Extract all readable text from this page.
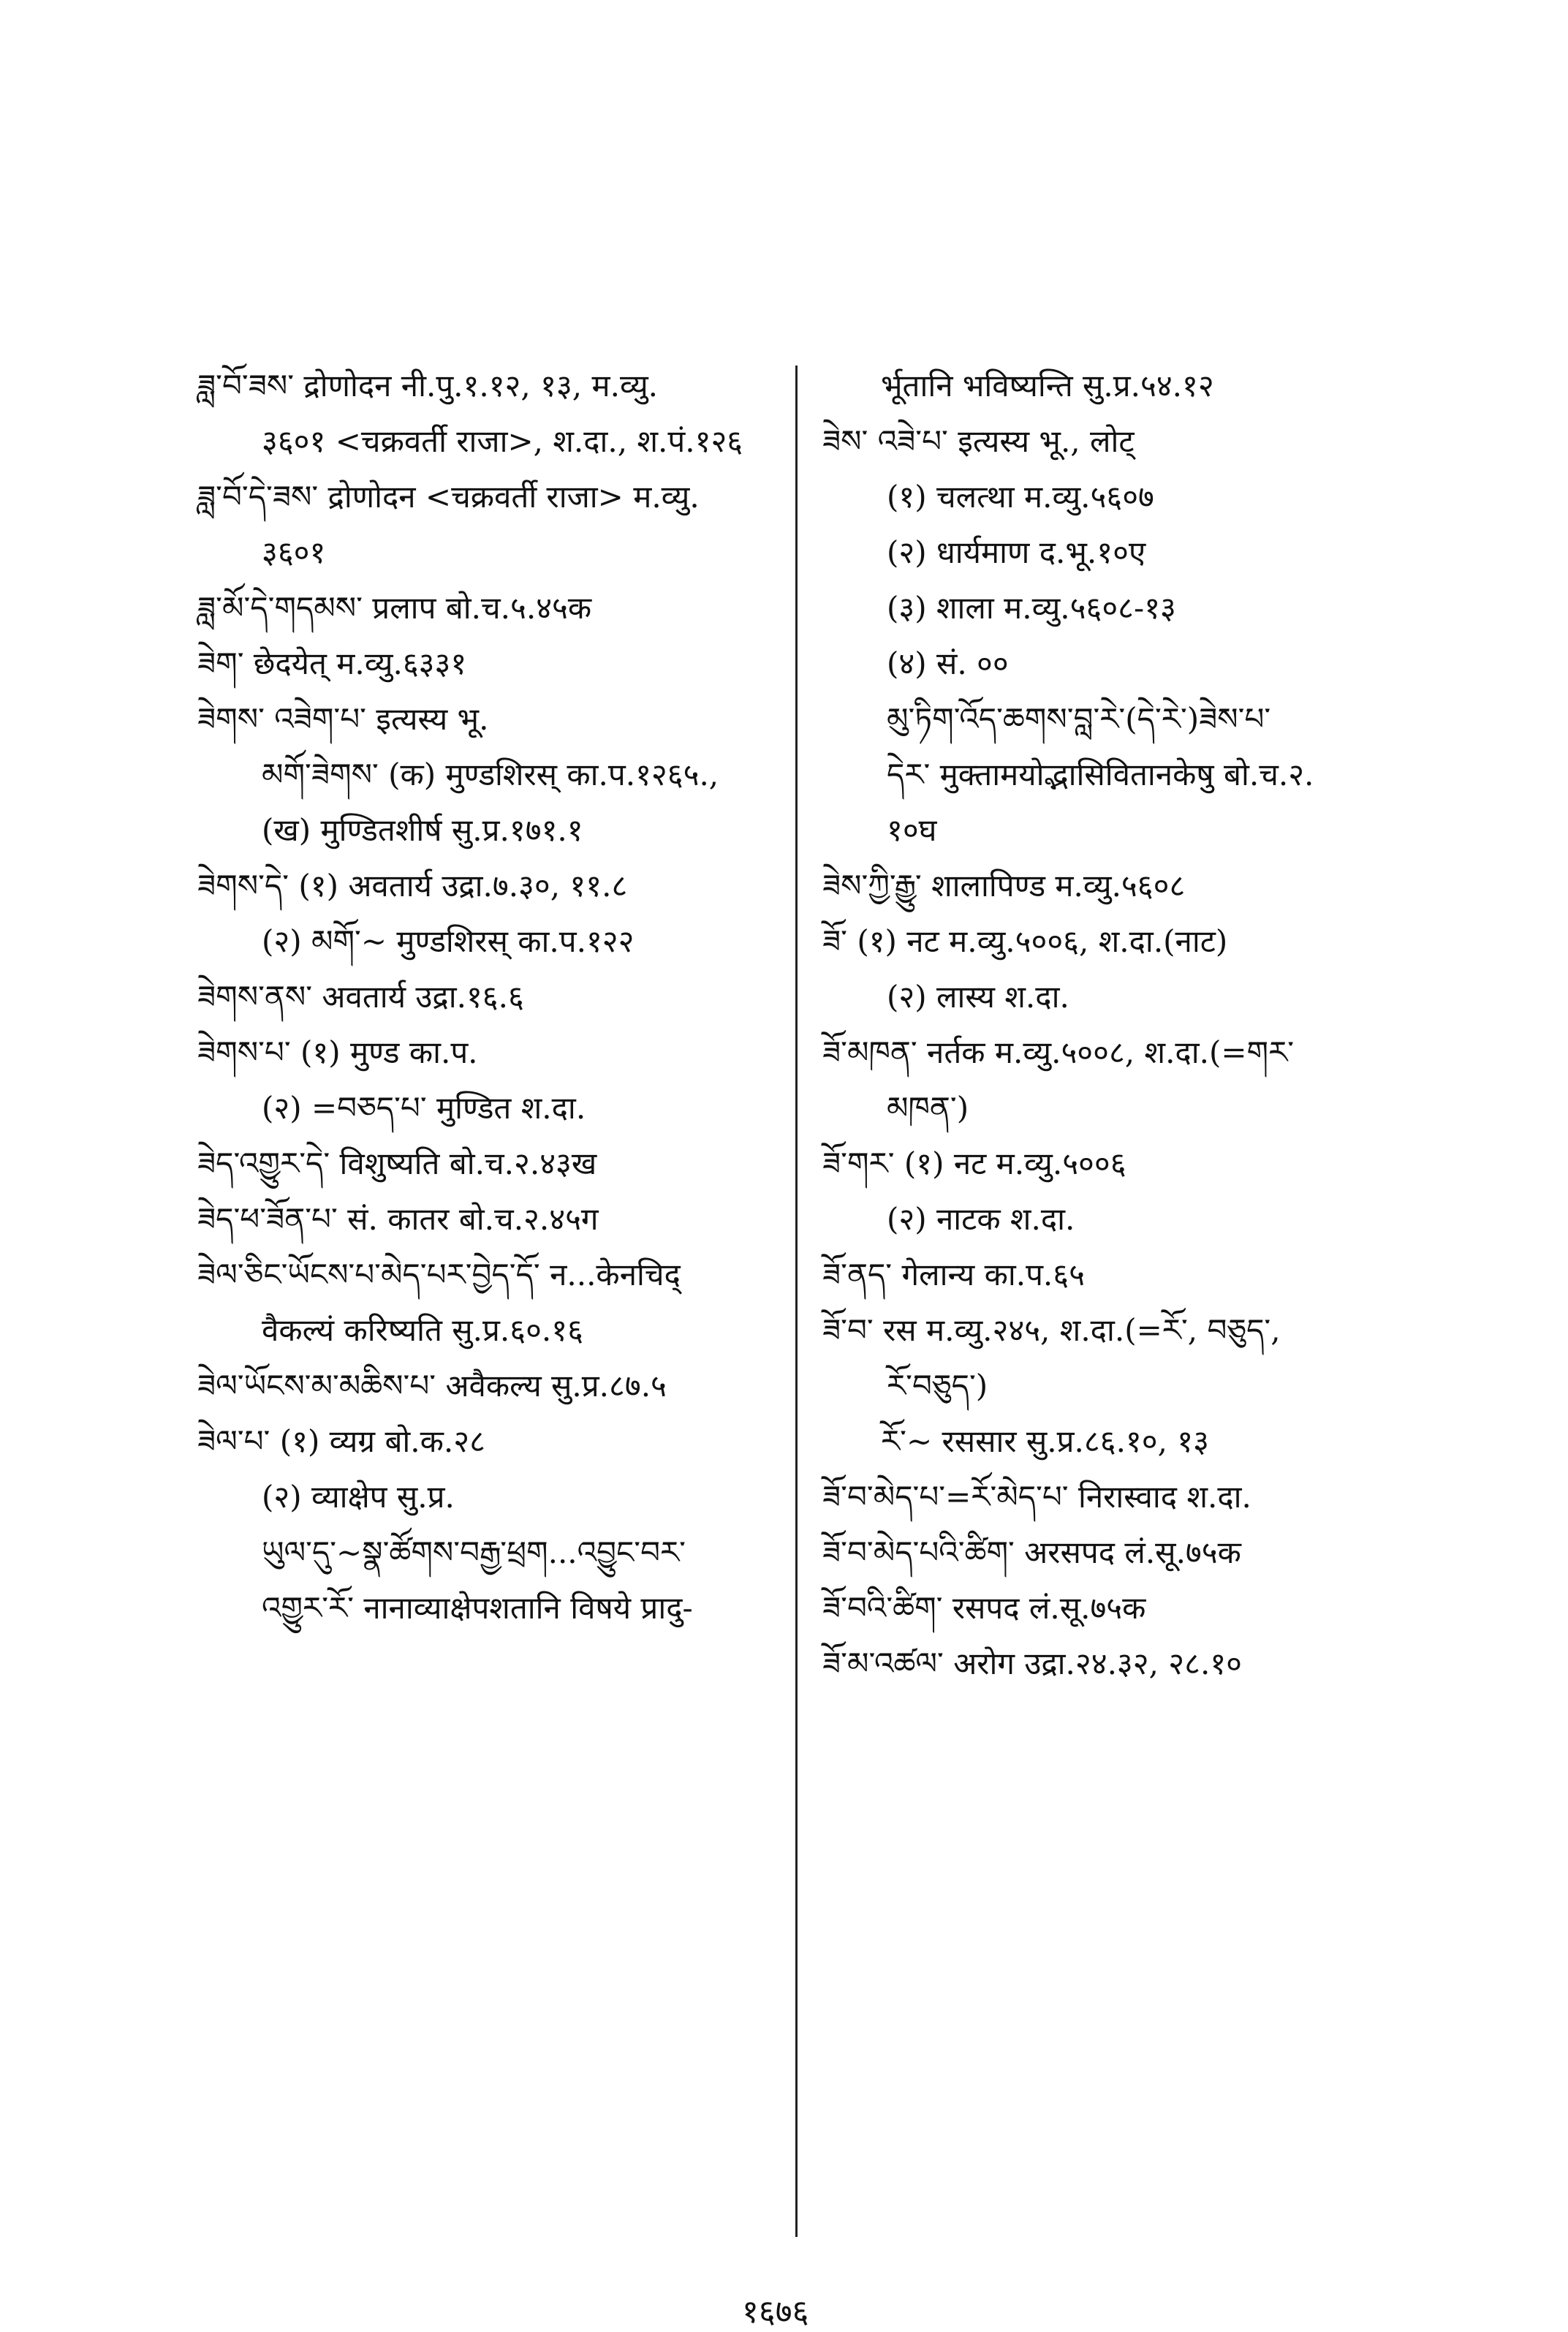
ཟླ་བོ་ཟས་ द्रोणोदन नी.पु.१.१२, १३, म.व्यु.
३६०१ <चक्रवर्ती राजा>, श.दा., श.पं.१२६
ཟླ་བོ་དེ་ཟས་ द्रोणोदन <चक्रवर्ती राजा> म.व्यु.
३६०१
ཟླ་མོ་དེ་གདམས་ प्रलाप बो.च.५.४५क
ཟེག་ छेदयेत् म.व्यु.६३३१
ཟེགས་ འཟེག་པ་ इत्यस्य भू.
མགོ་ཟེགས་ (क) मुण्डशिरस् का.प.१२६५.,
(ख) मुण्डितशीर्ष सु.प्र.१७१.१
ཟེགས་དེ་ (१) अवतार्य उद्रा.७.३०, ११.८
(२) མགོ་~ मुण्डशिरस् का.प.१२२
ཟེགས་ནས་ अवतार्य उद्रा.१६.६
ཟེགས་པ་ (१) मुण्ड का.प.
(२) =བཅད་པ་ मुण्डित श.दा.
ཟེད་འགྱུར་དེ་ विशुष्यति बो.च.२.४३ख
ཟེད་ཕ་ཟོན་པ་ सं. कातर बो.च.२.४५ग
ཟེལ་ཅིང་ཡོངས་པ་མེད་པར་བྱེད་དོ་ न...केनचिद्
वैकल्यं करिष्यति सु.प्र.६०.१६
ཟེལ་ཡོངས་མ་མཆིས་པ་ अवैकल्य सु.प्र.८७.५
ཟེལ་པ་ (१) व्यग्र बो.क.२८
(२) व्याक्षेप सु.प्र.
ཡུལ་དུ་~སྣ་ཚོགས་བརྒྱ་ཕྲག...འབྱུང་བར་
འགྱུར་རོ་ नानाव्याक्षेपशतानि विषये प्रादु-
र्भूतानि भविष्यन्ति सु.प्र.५४.१२
ཟེས་ འཟེ་པ་ इत्यस्य भू., लोट्
(१) चलत्था म.व्यु.५६०७
(२) धार्यमाण द.भू.१०ए
(३) शाला म.व्यु.५६०८-१३
(४) सं. ००
མུ་ཏིག་འོད་ཆགས་བླ་རེ་(དེ་རེ་)ཟེས་པ་
དེར་ मुक्तामयोद्भासिवितानकेषु बो.च.२.
१०घ
ཟེས་ཀྱི་རྒྱུ་ शालापिण्ड म.व्यु.५६०८
ཟོ་ (१) नट म.व्यु.५००६, श.दा.(नाट)
(२) लास्य श.दा.
ཟོ་མཁན་ नर्तक म.व्यु.५००८, श.दा.(=གར་
མཁན་)
ཟོ་གར་ (१) नट म.व्यु.५००६
(२) नाटक श.दा.
ཟོ་ནད་ गेलान्य का.प.६५
ཟོ་བ་ रस म.व्यु.२४५, श.दा.(=རོ་, བཅུད་,
རོ་བཅུད་)
རོ་~ रससार सु.प्र.८६.१०, १३
ཟོ་བ་མེད་པ་=རོ་མེད་པ་ निरास्वाद श.दा.
ཟོ་བ་མེད་པའི་ཚིག་ अरसपद लं.सू.७५क
ཟོ་བའི་ཚིག་ रसपद लं.सू.७५क
ཟོ་མ་འཚལ་ अरोग उद्रा.२४.३२, २८.१०
१६७६
